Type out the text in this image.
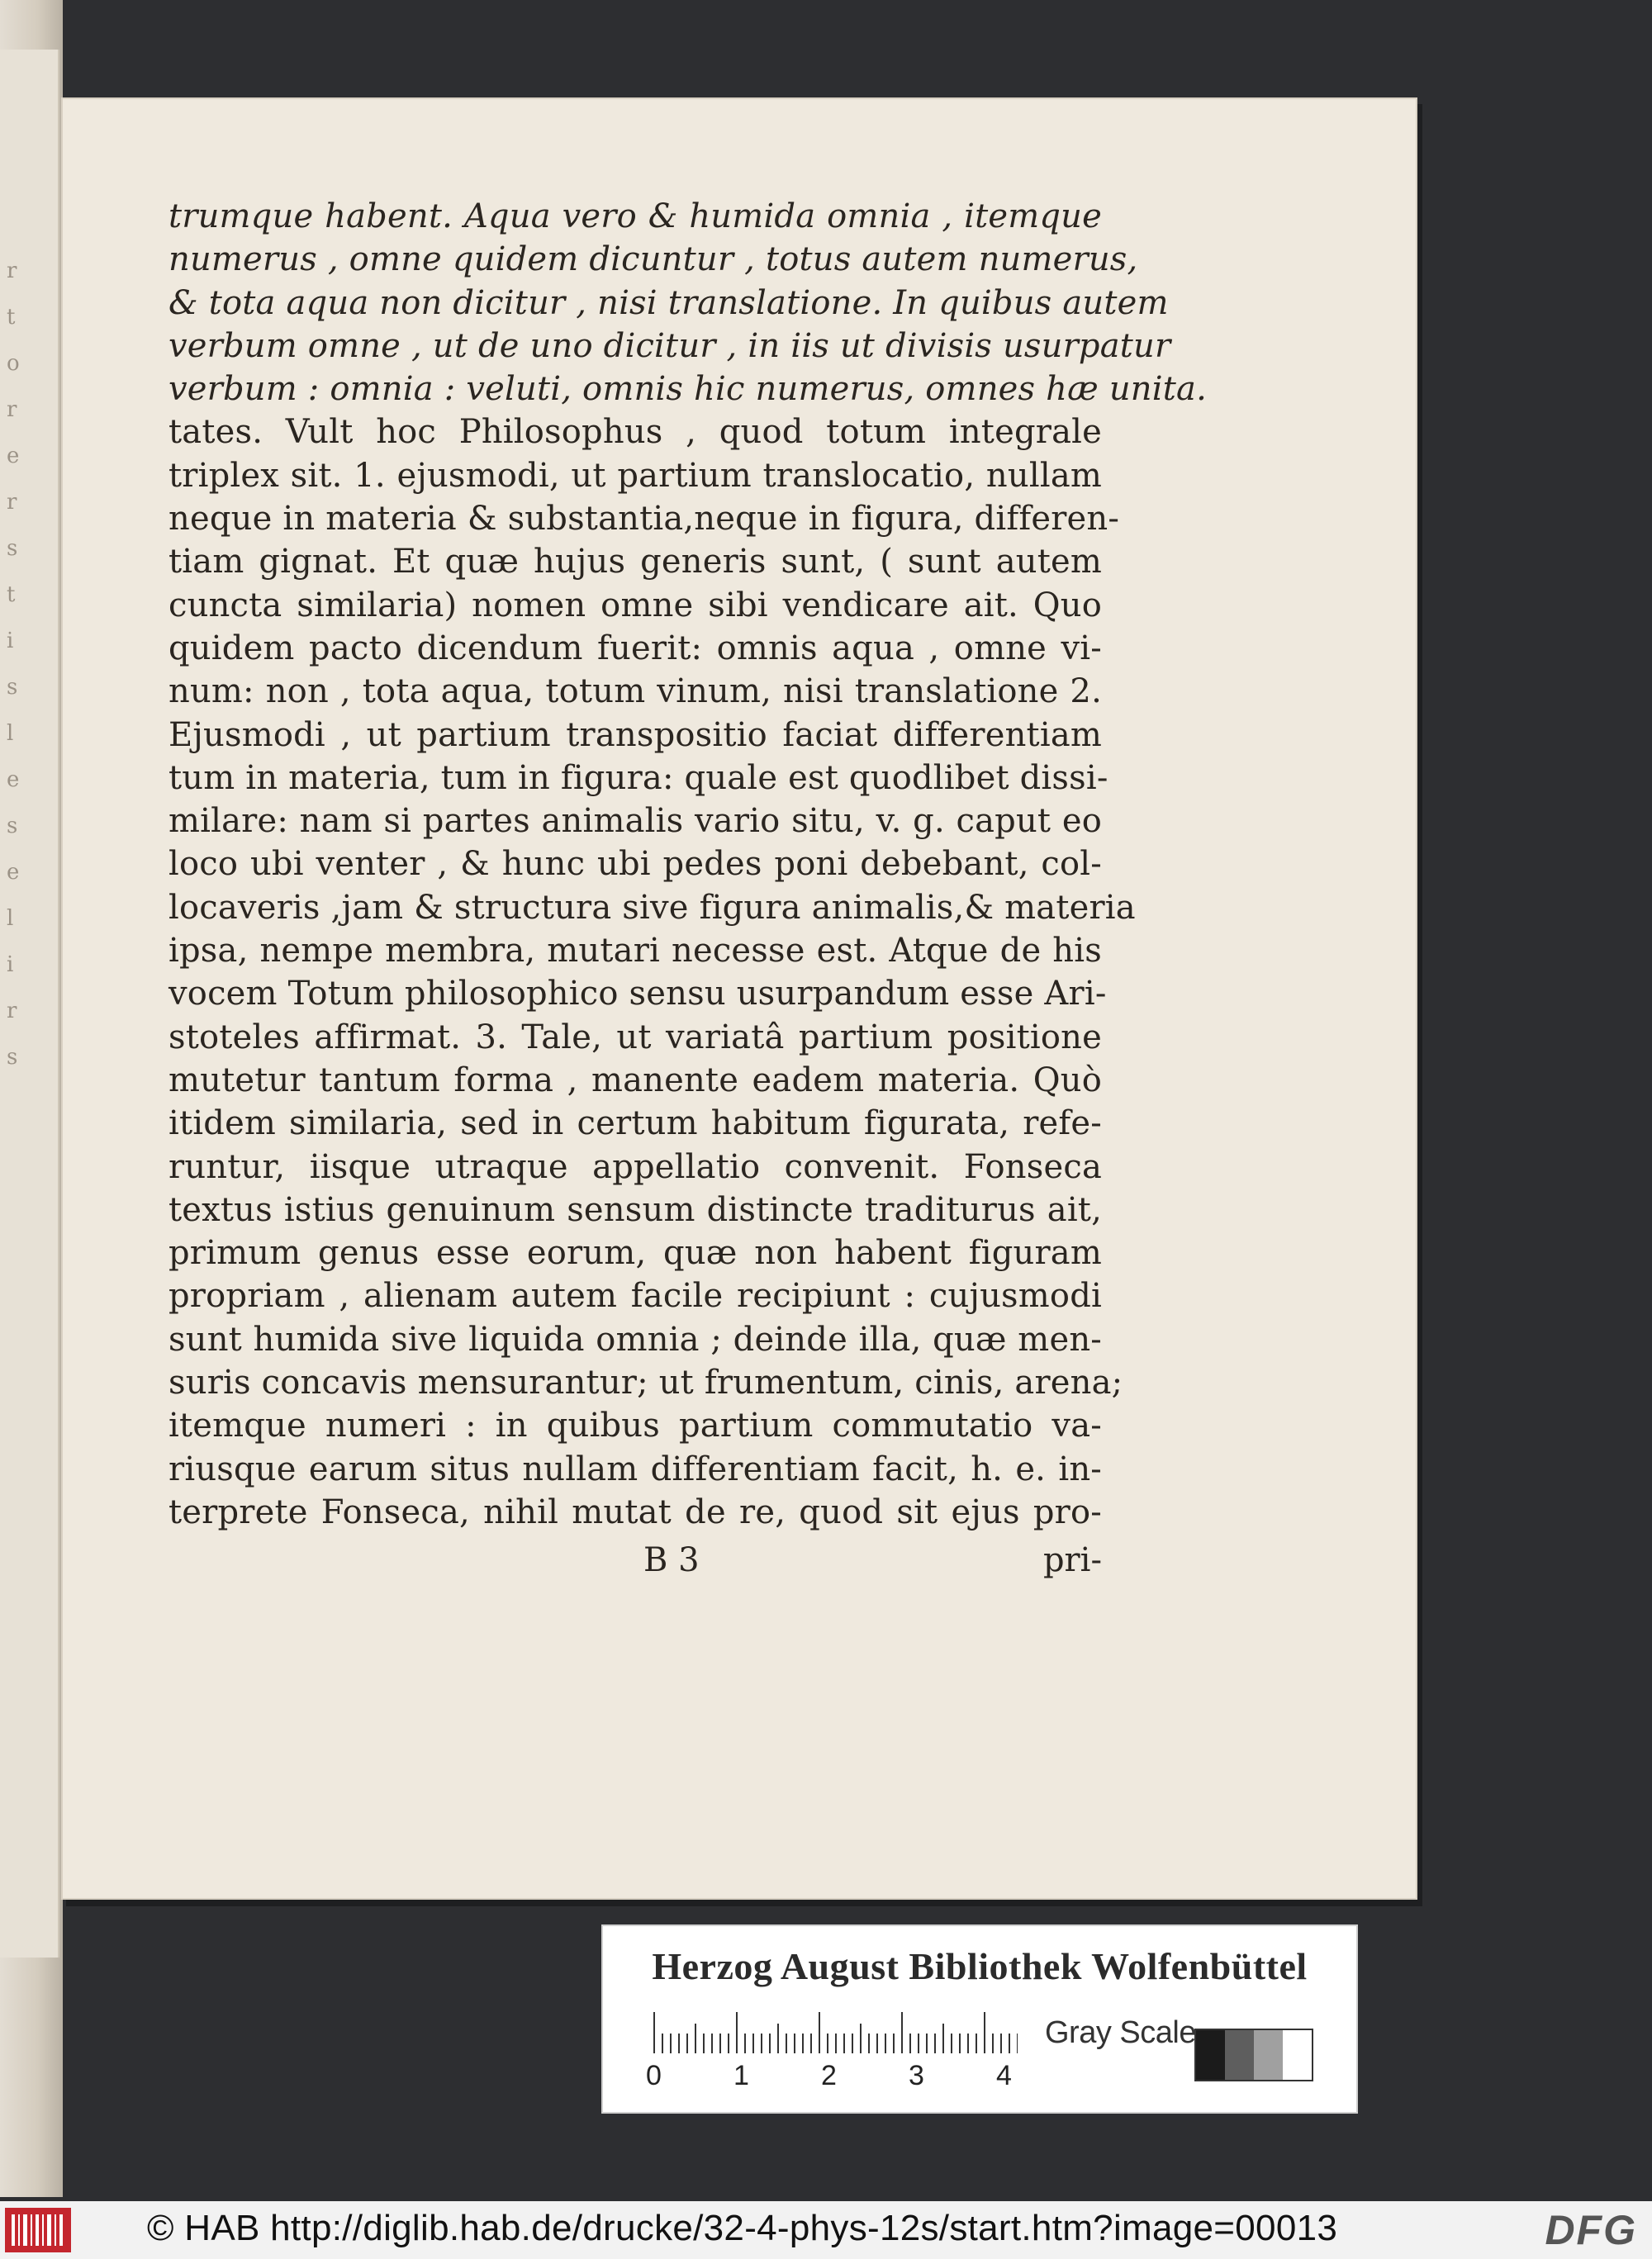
r
t
o
r
e
r
s
t
i
s
l
e
s
e
l
i
r
s
trumque habent. Aqua vero & humida omnia , itemque
numerus , omne quidem dicuntur , totus autem numerus,
& tota aqua non dicitur , nisi translatione. In quibus autem
verbum omne , ut de uno dicitur , in iis ut divisis usurpatur
verbum : omnia : veluti, omnis hic numerus, omnes hæ unita.
tates. Vult hoc Philosophus , quod totum integrale
triplex sit. 1. ejusmodi, ut partium translocatio, nullam
neque in materia & substantia,neque in figura, differen-
tiam gignat. Et quæ hujus generis sunt, ( sunt autem
cuncta similaria) nomen omne sibi vendicare ait. Quo
quidem pacto dicendum fuerit: omnis aqua , omne vi-
num: non , tota aqua, totum vinum, nisi translatione 2.
Ejusmodi , ut partium transpositio faciat differentiam
tum in materia, tum in figura: quale est quodlibet dissi-
milare: nam si partes animalis vario situ, v. g. caput eo
loco ubi venter , & hunc ubi pedes poni debebant, col-
locaveris ,jam & structura sive figura animalis,& materia
ipsa, nempe membra, mutari necesse est. Atque de his
vocem Totum philosophico sensu usurpandum esse Ari-
stoteles affirmat. 3. Tale, ut variatâ partium positione
mutetur tantum forma , manente eadem materia. Quò
itidem similaria, sed in certum habitum figurata, refe-
runtur, iisque utraque appellatio convenit. Fonseca
textus istius genuinum sensum distincte traditurus ait,
primum genus esse eorum, quæ non habent figuram
propriam , alienam autem facile recipiunt : cujusmodi
sunt humida sive liquida omnia ; deinde illa, quæ men-
suris concavis mensurantur; ut frumentum, cinis, arena;
itemque numeri : in quibus partium commutatio va-
riusque earum situs nullam differentiam facit, h. e. in-
terprete Fonseca, nihil mutat de re, quod sit ejus pro-
B 3	pri-
Herzog August Bibliothek Wolfenbüttel
0	1	2	3	4
Gray Scale
© HAB http://diglib.hab.de/drucke/32-4-phys-12s/start.htm?image=00013	DFG
